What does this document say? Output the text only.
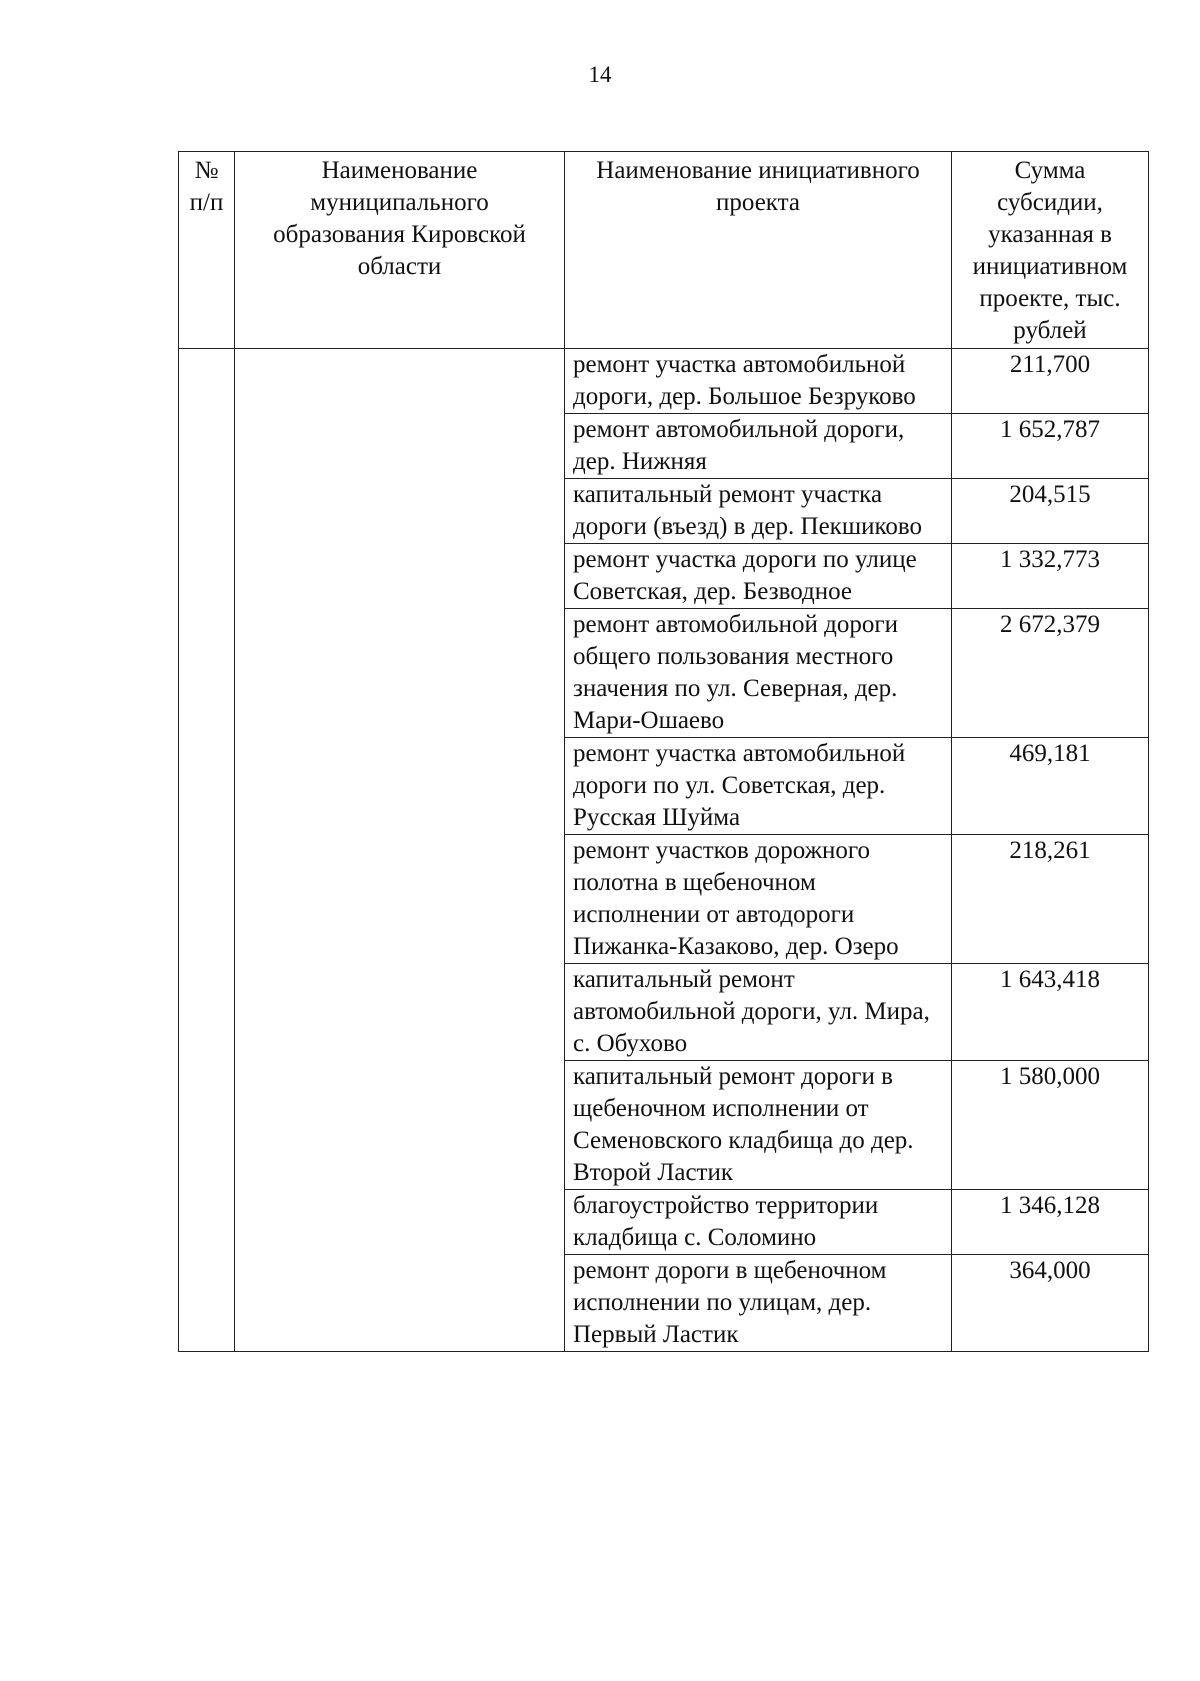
14
№ п/п	Наименование муниципального образования Кировской области	Наименование инициативного проекта	Сумма субсидии, указанная в инициативном проекте, тыс. рублей
		ремонт участка автомобильной дороги, дер. Большое Безруково	211,700
		ремонт автомобильной дороги, дер. Нижняя	1 652,787
		капитальный ремонт участка дороги (въезд) в дер. Пекшиково	204,515
		ремонт участка дороги по улице Советская, дер. Безводное	1 332,773
		ремонт автомобильной дороги общего пользования местного значения по ул. Северная, дер. Мари-Ошаево	2 672,379
		ремонт участка автомобильной дороги по ул. Советская, дер. Русская Шуйма	469,181
		ремонт участков дорожного полотна в щебеночном исполнении от автодороги Пижанка-Казаково, дер. Озеро	218,261
		капитальный ремонт автомобильной дороги, ул. Мира, с. Обухово	1 643,418
		капитальный ремонт дороги в щебеночном исполнении от Семеновского кладбища до дер. Второй Ластик	1 580,000
		благоустройство территории кладбища с. Соломино	1 346,128
		ремонт дороги в щебеночном исполнении по улицам, дер. Первый Ластик	364,000
